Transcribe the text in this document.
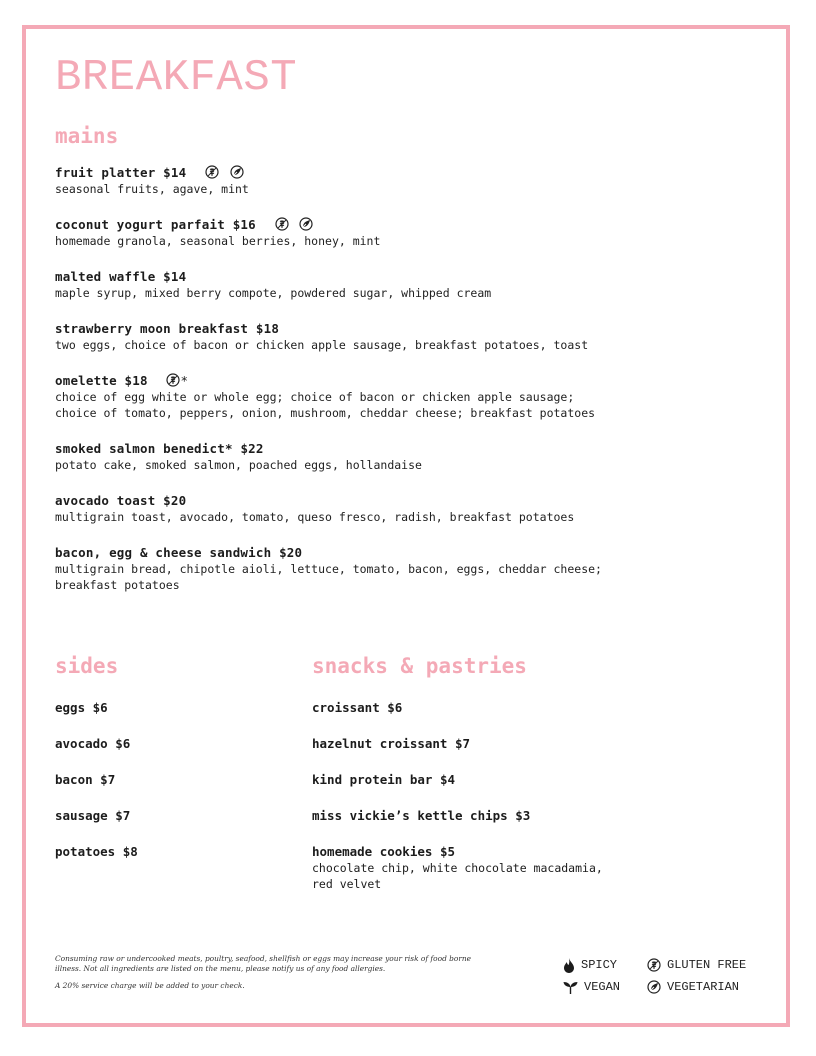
BREAKFAST
mains
fruit platter $14

seasonal fruits, agave, mint
coconut yogurt parfait $16

homemade granola, seasonal berries, honey, mint
malted waffle $14
maple syrup, mixed berry compote, powdered sugar, whipped cream
strawberry moon breakfast $18
two eggs, choice of bacon or chicken apple sausage, breakfast potatoes, toast
omelette $18	*
choice of egg white or whole egg; choice of bacon or chicken apple sausage;
choice of tomato, peppers, onion, mushroom, cheddar cheese; breakfast potatoes
smoked salmon benedict* $22
potato cake, smoked salmon, poached eggs, hollandaise
avocado toast $20
multigrain toast, avocado, tomato, queso fresco, radish, breakfast potatoes
bacon, egg & cheese sandwich $20
multigrain bread, chipotle aioli, lettuce, tomato, bacon, eggs, cheddar cheese;
breakfast potatoes
sides	snacks & pastries
eggs $6
avocado $6
bacon $7
sausage $7
potatoes $8
croissant $6
hazelnut croissant $7
kind protein bar $4
miss vickie’s kettle chips $3
homemade cookies $5
chocolate chip, white chocolate macadamia,
red velvet

Consuming raw or undercooked meats, poultry, seafood, shellfish or eggs may increase your risk of food borne illness. Not all ingredients are listed on the menu, please notify us of any food allergies.

A 20% service charge will be added to your check.

SPICY	GLUTEN FREE
VEGAN	VEGETARIAN
